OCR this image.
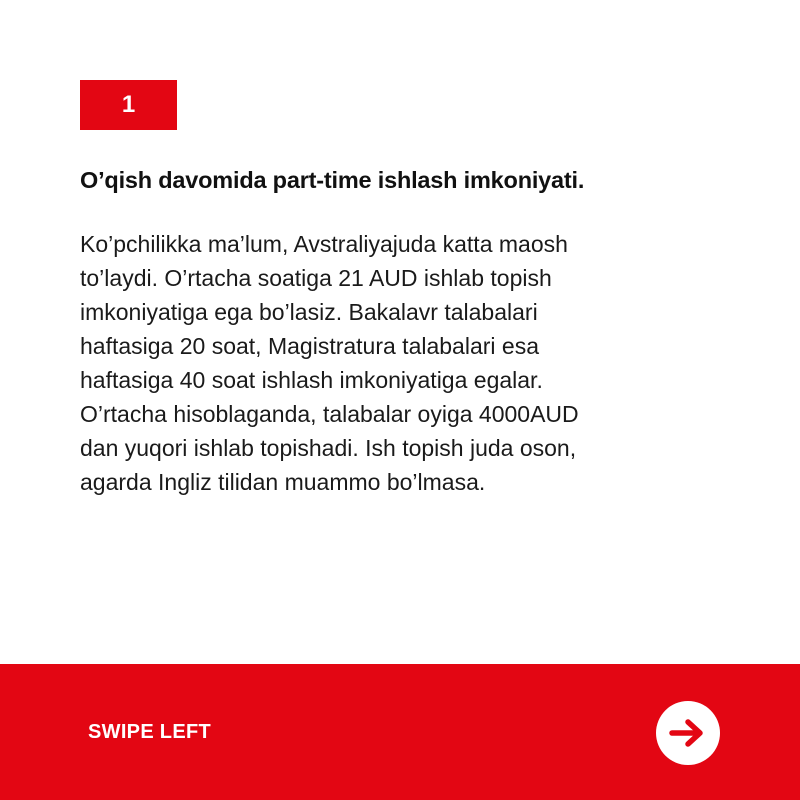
1
O’qish davomida part-time ishlash imkoniyati.
Ko’pchilikka ma’lum, Avstraliyajuda katta maosh
to’laydi. O’rtacha soatiga 21 AUD ishlab topish
imkoniyatiga ega bo’lasiz. Bakalavr talabalari
haftasiga 20 soat, Magistratura talabalari esa
haftasiga 40 soat ishlash imkoniyatiga egalar.
O’rtacha hisoblaganda, talabalar oyiga 4000AUD
dan yuqori ishlab topishadi. Ish topish juda oson,
agarda Ingliz tilidan muammo bo’lmasa.
SWIPE LEFT
